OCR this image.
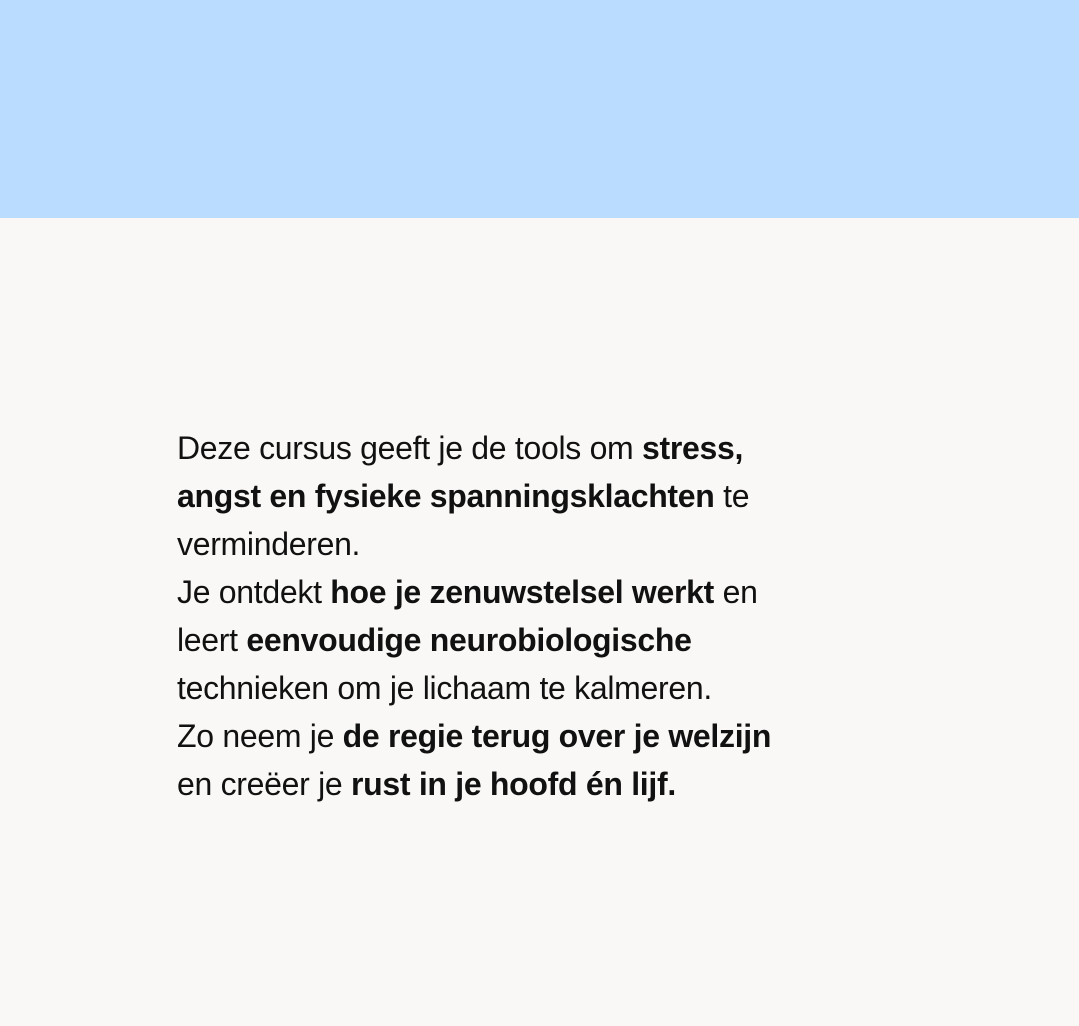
Deze cursus geeft je de tools om stress,
angst en fysieke spanningsklachten te
verminderen.
Je ontdekt hoe je zenuwstelsel werkt en
leert eenvoudige neurobiologische
technieken om je lichaam te kalmeren.
Zo neem je de regie terug over je welzijn
en creëer je rust in je hoofd én lijf.
